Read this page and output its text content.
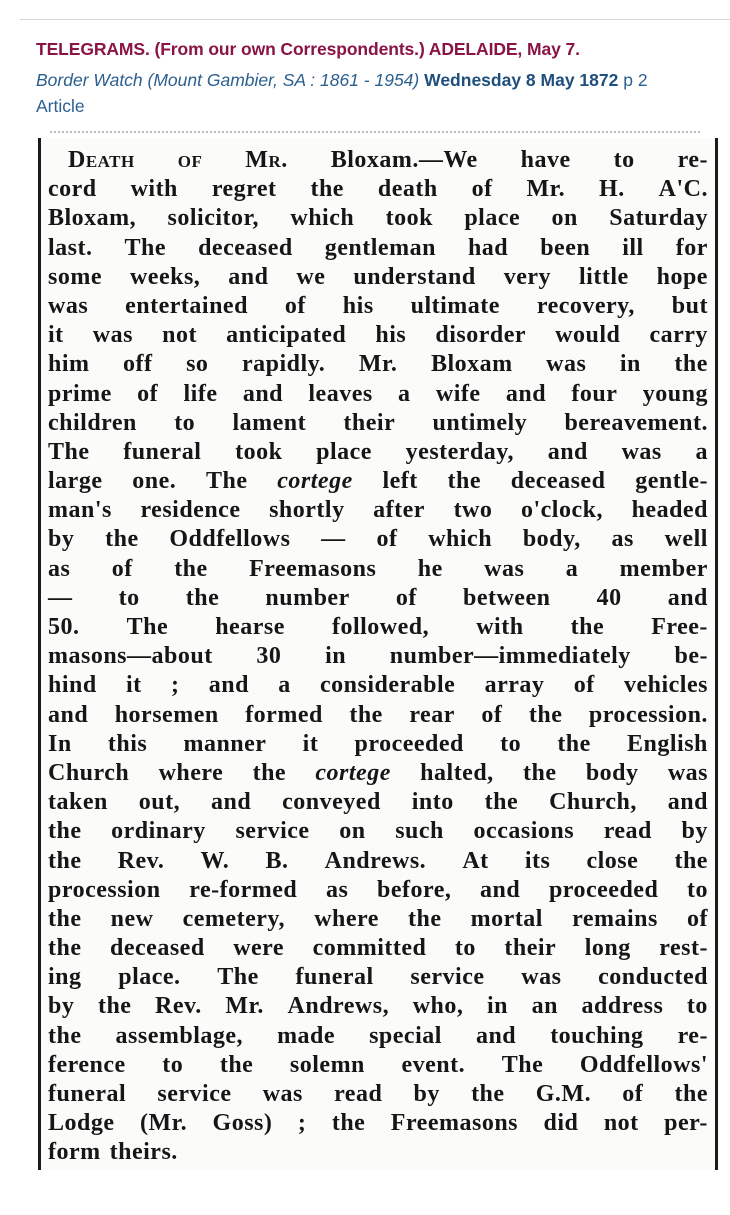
TELEGRAMS. (From our own Correspondents.) ADELAIDE, May 7.
Border Watch (Mount Gambier, SA : 1861 - 1954) Wednesday 8 May 1872 p 2
Article
Death of Mr. Bloxam.—We have to re-
cord with regret the death of Mr. H. A'C.
Bloxam, solicitor, which took place on Saturday
last. The deceased gentleman had been ill for
some weeks, and we understand very little hope
was entertained of his ultimate recovery, but
it was not anticipated his disorder would carry
him off so rapidly. Mr. Bloxam was in the
prime of life and leaves a wife and four young
children to lament their untimely bereavement.
The funeral took place yesterday, and was a
large one. The cortege left the deceased gentle-
man's residence shortly after two o'clock, headed
by the Oddfellows — of which body, as well
as of the Freemasons he was a member
— to the number of between 40 and
50. The hearse followed, with the Free-
masons—about 30 in number—immediately be-
hind it ; and a considerable array of vehicles
and horsemen formed the rear of the procession.
In this manner it proceeded to the English
Church where the cortege halted, the body was
taken out, and conveyed into the Church, and
the ordinary service on such occasions read by
the Rev. W. B. Andrews. At its close the
procession re-formed as before, and proceeded to
the new cemetery, where the mortal remains of
the deceased were committed to their long rest-
ing place. The funeral service was conducted
by the Rev. Mr. Andrews, who, in an address to
the assemblage, made special and touching re-
ference to the solemn event. The Oddfellows'
funeral service was read by the G.M. of the
Lodge (Mr. Goss) ; the Freemasons did not per-
form theirs.
